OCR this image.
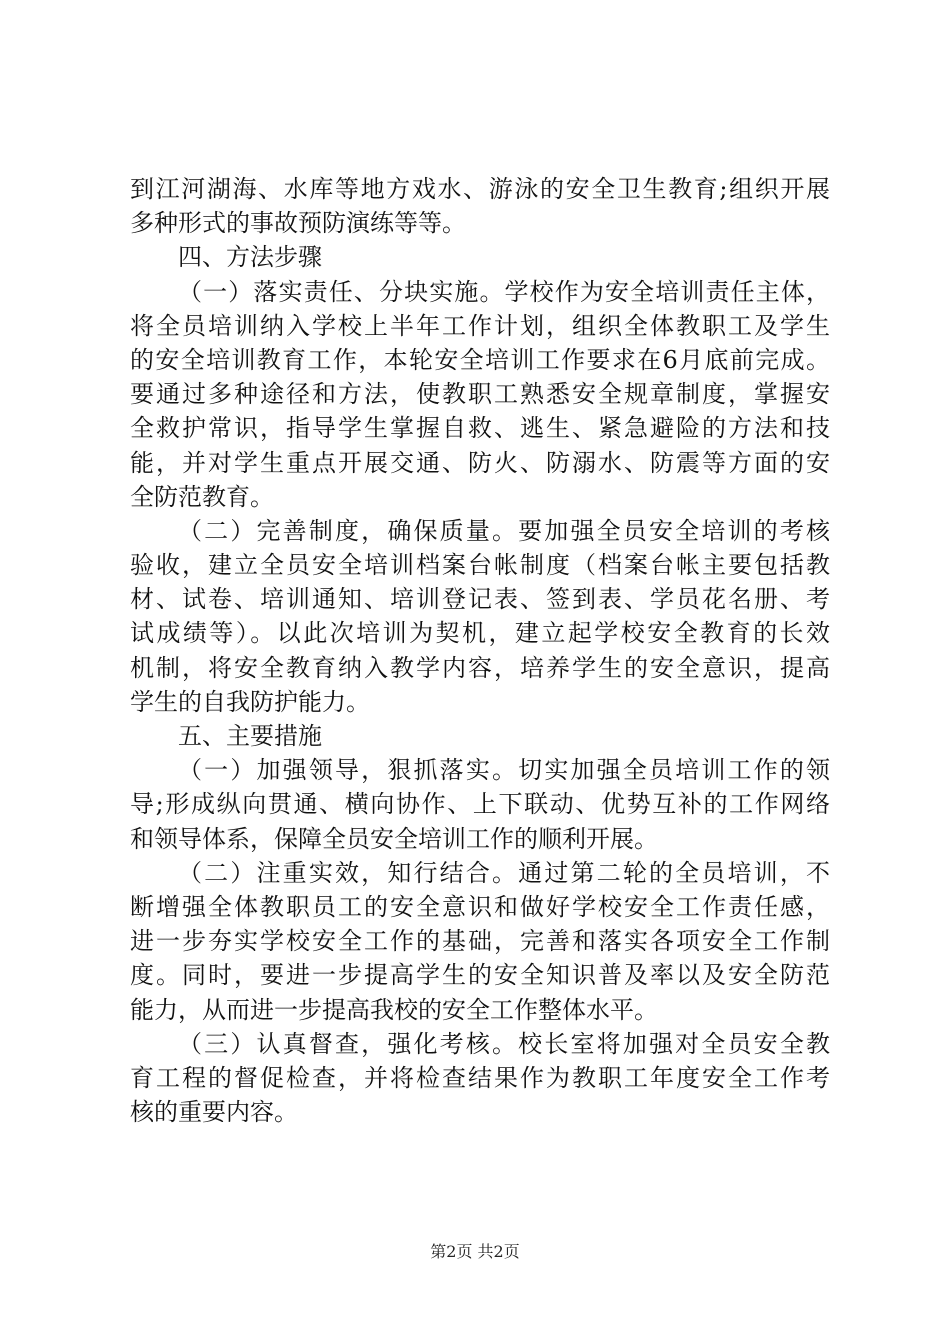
到江河湖海、水库等地方戏水、游泳的安全卫生教育;组织开展
多种形式的事故预防演练等等。
四、方法步骤
（一）落实责任、分块实施。学校作为安全培训责任主体，
将全员培训纳入学校上半年工作计划，组织全体教职工及学生
的安全培训教育工作，本轮安全培训工作要求在6月底前完成。
要通过多种途径和方法，使教职工熟悉安全规章制度，掌握安
全救护常识，指导学生掌握自救、逃生、紧急避险的方法和技
能，并对学生重点开展交通、防火、防溺水、防震等方面的安
全防范教育。
（二）完善制度，确保质量。要加强全员安全培训的考核
验收，建立全员安全培训档案台帐制度（档案台帐主要包括教
材、试卷、培训通知、培训登记表、签到表、学员花名册、考
试成绩等）。以此次培训为契机，建立起学校安全教育的长效
机制，将安全教育纳入教学内容，培养学生的安全意识，提高
学生的自我防护能力。
五、主要措施
（一）加强领导，狠抓落实。切实加强全员培训工作的领
导;形成纵向贯通、横向协作、上下联动、优势互补的工作网络
和领导体系，保障全员安全培训工作的顺利开展。
（二）注重实效，知行结合。通过第二轮的全员培训，不
断增强全体教职员工的安全意识和做好学校安全工作责任感，
进一步夯实学校安全工作的基础，完善和落实各项安全工作制
度。同时，要进一步提高学生的安全知识普及率以及安全防范
能力，从而进一步提高我校的安全工作整体水平。
（三）认真督查，强化考核。校长室将加强对全员安全教
育工程的督促检查，并将检查结果作为教职工年度安全工作考
核的重要内容。
第2页 共2页
